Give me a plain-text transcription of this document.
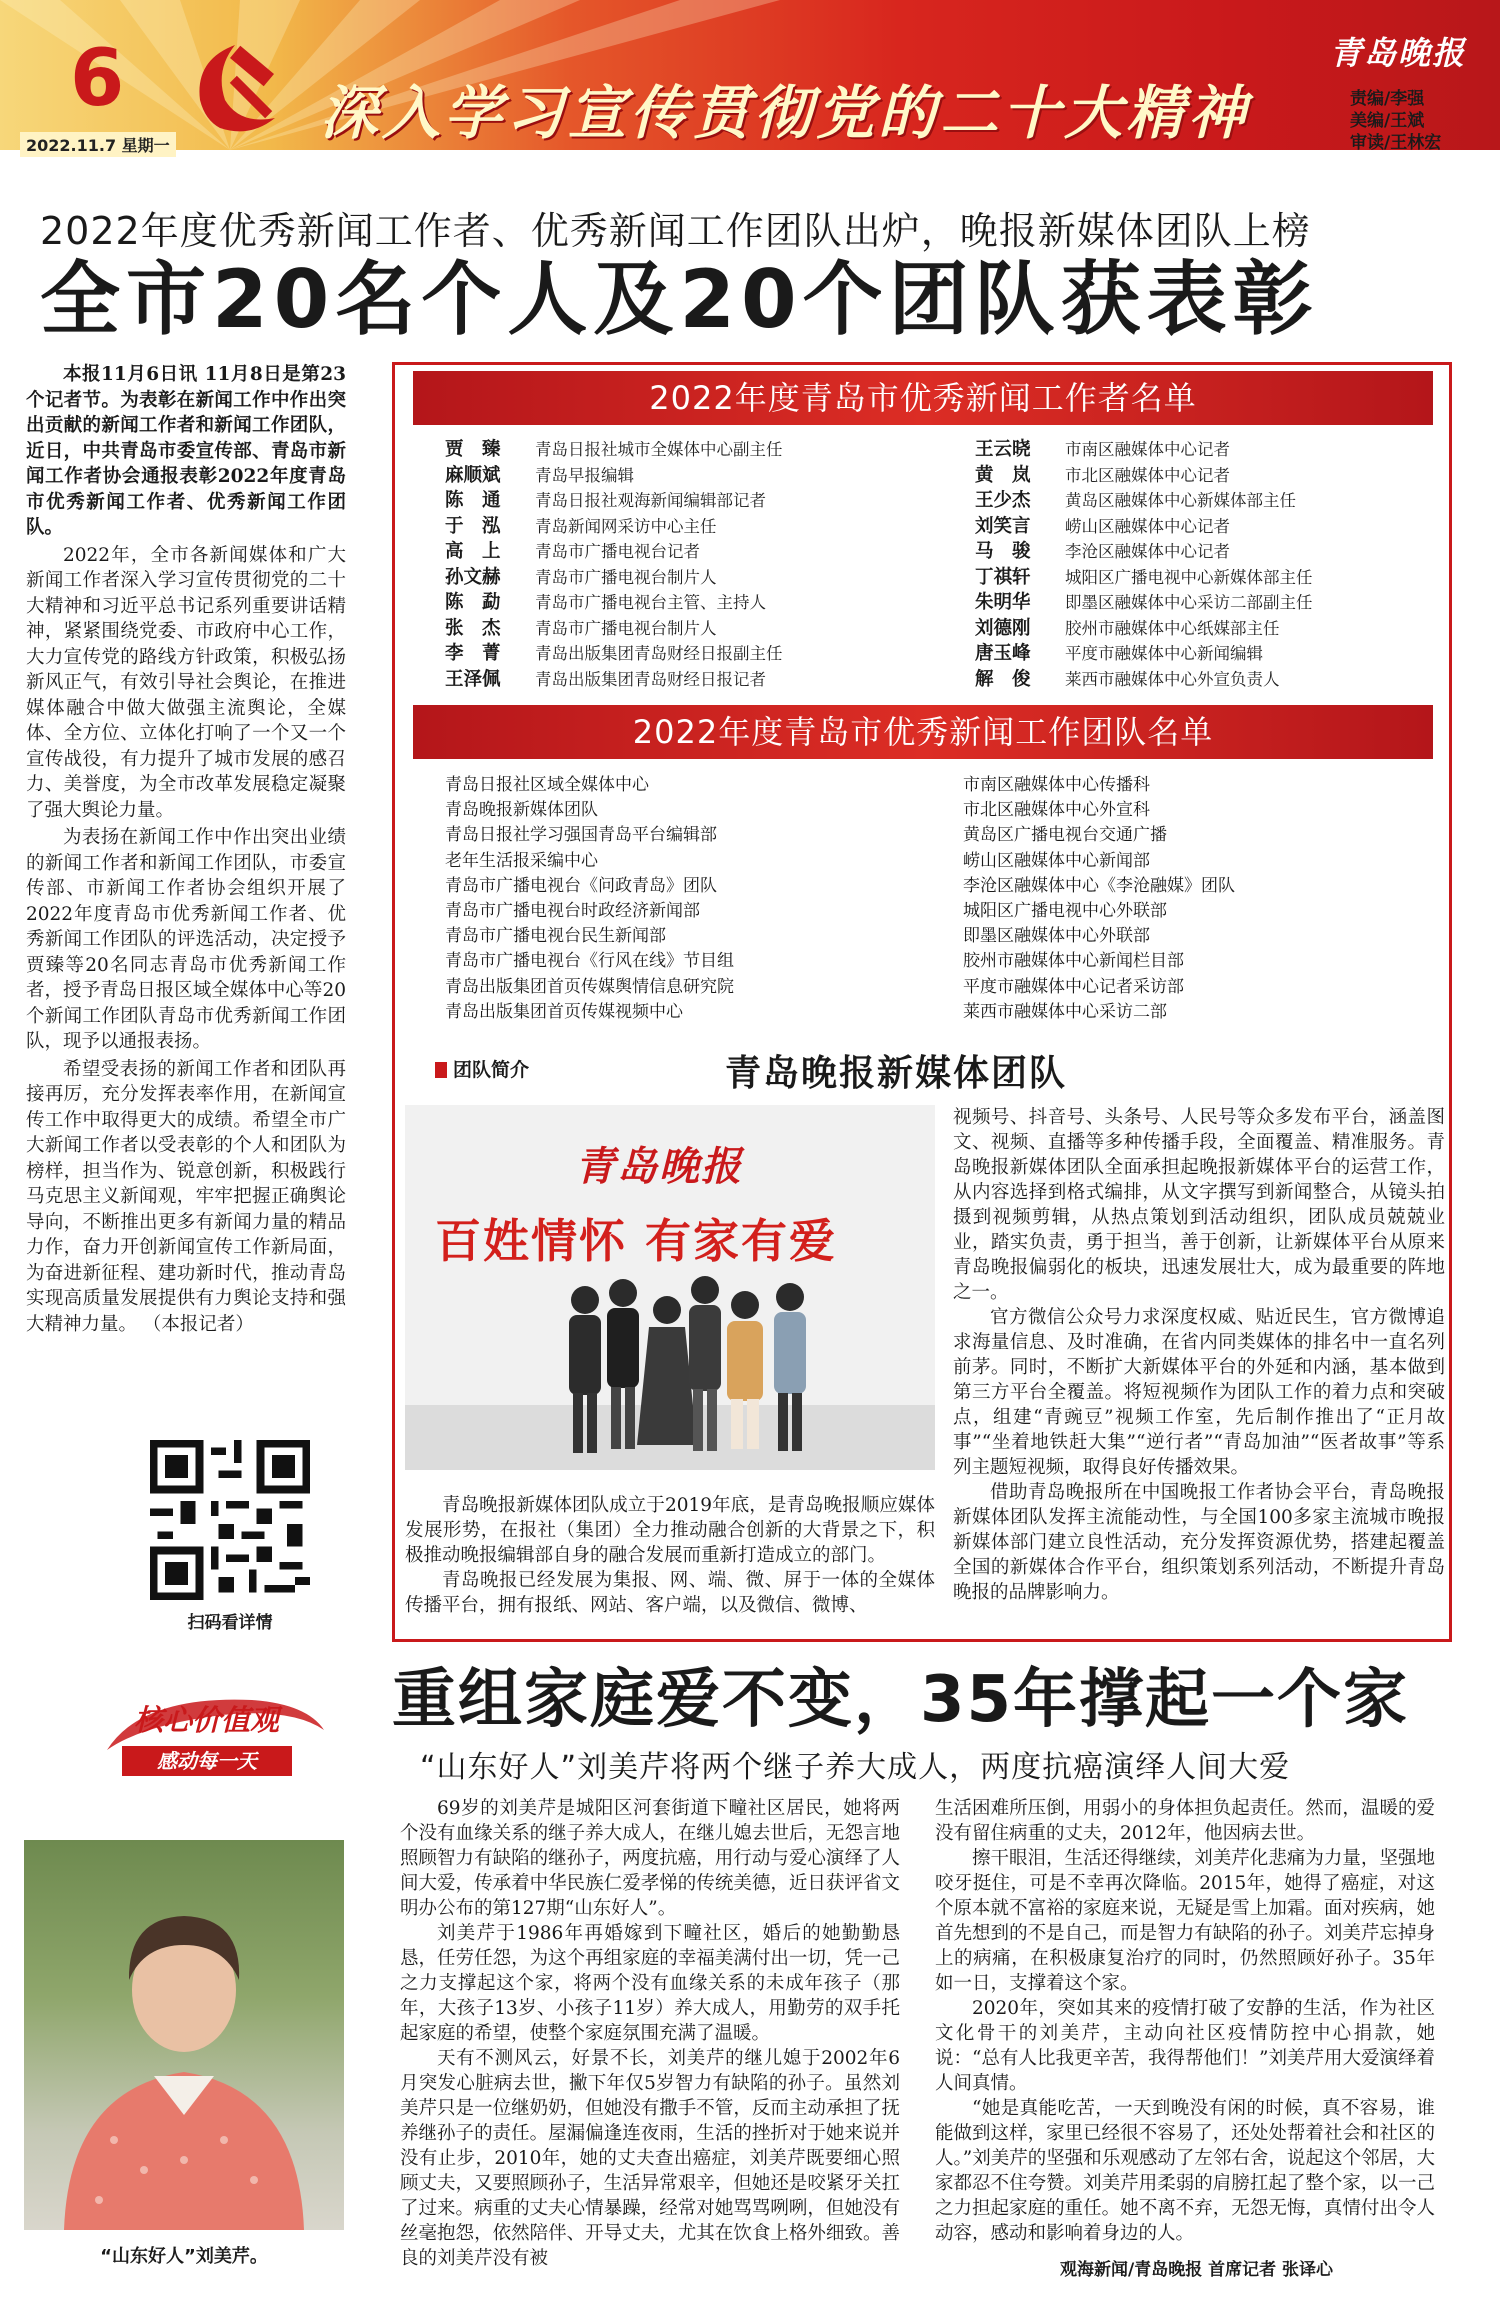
6	深入学习宣传贯彻党的二十大精神
青岛晚报
责编/李强
美编/王斌
审读/王林宏
2022.11.7 星期一
2022年度优秀新闻工作者、优秀新闻工作团队出炉，晚报新媒体团队上榜
全市20名个人及20个团队获表彰

本报11月6日讯 11月8日是第23个记者节。为表彰在新闻工作中作出突出贡献的新闻工作者和新闻工作团队，近日，中共青岛市委宣传部、青岛市新闻工作者协会通报表彰2022年度青岛市优秀新闻工作者、优秀新闻工作团队。

2022年，全市各新闻媒体和广大新闻工作者深入学习宣传贯彻党的二十大精神和习近平总书记系列重要讲话精神，紧紧围绕党委、市政府中心工作，大力宣传党的路线方针政策，积极弘扬新风正气，有效引导社会舆论，在推进媒体融合中做大做强主流舆论，全媒体、全方位、立体化打响了一个又一个宣传战役，有力提升了城市发展的感召力、美誉度，为全市改革发展稳定凝聚了强大舆论力量。

为表扬在新闻工作中作出突出业绩的新闻工作者和新闻工作团队，市委宣传部、市新闻工作者协会组织开展了2022年度青岛市优秀新闻工作者、优秀新闻工作团队的评选活动，决定授予贾臻等20名同志青岛市优秀新闻工作者，授予青岛日报区域全媒体中心等20个新闻工作团队青岛市优秀新闻工作团队，现予以通报表扬。

希望受表扬的新闻工作者和团队再接再厉，充分发挥表率作用，在新闻宣传工作中取得更大的成绩。希望全市广大新闻工作者以受表彰的个人和团队为榜样，担当作为、锐意创新，积极践行马克思主义新闻观，牢牢把握正确舆论导向，不断推出更多有新闻力量的精品力作，奋力开创新闻宣传工作新局面，为奋进新征程、建功新时代，推动青岛实现高质量发展提供有力舆论支持和强大精神力量。 （本报记者）

扫码看详情
2022年度青岛市优秀新闻工作者名单
贾　臻 青岛日报社城市全媒体中心副主任
麻顺斌 青岛早报编辑
陈　通 青岛日报社观海新闻编辑部记者
于　泓 青岛新闻网采访中心主任
高　上 青岛市广播电视台记者
孙文赫 青岛市广播电视台制片人
陈　勐 青岛市广播电视台主管、主持人
张　杰 青岛市广播电视台制片人
李　菁 青岛出版集团青岛财经日报副主任
王泽佩 青岛出版集团青岛财经日报记者
王云晓 市南区融媒体中心记者
黄　岚 市北区融媒体中心记者
王少杰 黄岛区融媒体中心新媒体部主任
刘笑言 崂山区融媒体中心记者
马　骏 李沧区融媒体中心记者
丁祺轩 城阳区广播电视中心新媒体部主任
朱明华 即墨区融媒体中心采访二部副主任
刘德刚 胶州市融媒体中心纸媒部主任
唐玉峰 平度市融媒体中心新闻编辑
解　俊 莱西市融媒体中心外宣负责人
2022年度青岛市优秀新闻工作团队名单
青岛日报社区域全媒体中心
青岛晚报新媒体团队
青岛日报社学习强国青岛平台编辑部
老年生活报采编中心
青岛市广播电视台《问政青岛》团队
青岛市广播电视台时政经济新闻部
青岛市广播电视台民生新闻部
青岛市广播电视台《行风在线》节目组
青岛出版集团首页传媒舆情信息研究院
青岛出版集团首页传媒视频中心
市南区融媒体中心传播科
市北区融媒体中心外宣科
黄岛区广播电视台交通广播
崂山区融媒体中心新闻部
李沧区融媒体中心《李沧融媒》团队
城阳区广播电视中心外联部
即墨区融媒体中心外联部
胶州市融媒体中心新闻栏目部
平度市融媒体中心记者采访部
莱西市融媒体中心采访二部
团队简介	青岛晚报新媒体团队
青岛晚报
百姓情怀 有家有爱

青岛晚报新媒体团队成立于2019年底，是青岛晚报顺应媒体发展形势，在报社（集团）全力推动融合创新的大背景之下，积极推动晚报编辑部自身的融合发展而重新打造成立的部门。

青岛晚报已经发展为集报、网、端、微、屏于一体的全媒体传播平台，拥有报纸、网站、客户端，以及微信、微博、

视频号、抖音号、头条号、人民号等众多发布平台，涵盖图文、视频、直播等多种传播手段，全面覆盖、精准服务。青岛晚报新媒体团队全面承担起晚报新媒体平台的运营工作，从内容选择到格式编排，从文字撰写到新闻整合，从镜头拍摄到视频剪辑，从热点策划到活动组织，团队成员兢兢业业，踏实负责，勇于担当，善于创新，让新媒体平台从原来青岛晚报偏弱化的板块，迅速发展壮大，成为最重要的阵地之一。

官方微信公众号力求深度权威、贴近民生，官方微博追求海量信息、及时准确，在省内同类媒体的排名中一直名列前茅。同时，不断扩大新媒体平台的外延和内涵，基本做到第三方平台全覆盖。将短视频作为团队工作的着力点和突破点，组建“青豌豆”视频工作室，先后制作推出了“正月故事”“坐着地铁赶大集”“逆行者”“青岛加油”“医者故事”等系列主题短视频，取得良好传播效果。

借助青岛晚报所在中国晚报工作者协会平台，青岛晚报新媒体团队发挥主流能动性，与全国100多家主流城市晚报新媒体部门建立良性活动，充分发挥资源优势，搭建起覆盖全国的新媒体合作平台，组织策划系列活动，不断提升青岛晚报的品牌影响力。

核心价值观
感动每一天
“山东好人”刘美芹。
重组家庭爱不变，35年撑起一个家
“山东好人”刘美芹将两个继子养大成人，两度抗癌演绎人间大爱

69岁的刘美芹是城阳区河套街道下疃社区居民，她将两个没有血缘关系的继子养大成人，在继儿媳去世后，无怨言地照顾智力有缺陷的继孙子，两度抗癌，用行动与爱心演绎了人间大爱，传承着中华民族仁爱孝悌的传统美德，近日获评省文明办公布的第127期“山东好人”。

刘美芹于1986年再婚嫁到下疃社区，婚后的她勤勤恳恳，任劳任怨，为这个再组家庭的幸福美满付出一切，凭一己之力支撑起这个家，将两个没有血缘关系的未成年孩子（那年，大孩子13岁、小孩子11岁）养大成人，用勤劳的双手托起家庭的希望，使整个家庭氛围充满了温暖。

天有不测风云，好景不长，刘美芹的继儿媳于2002年6月突发心脏病去世，撇下年仅5岁智力有缺陷的孙子。虽然刘美芹只是一位继奶奶，但她没有撒手不管，反而主动承担了抚养继孙子的责任。屋漏偏逢连夜雨，生活的挫折对于她来说并没有止步，2010年，她的丈夫查出癌症，刘美芹既要细心照顾丈夫，又要照顾孙子，生活异常艰辛，但她还是咬紧牙关扛了过来。病重的丈夫心情暴躁，经常对她骂骂咧咧，但她没有丝毫抱怨，依然陪伴、开导丈夫，尤其在饮食上格外细致。善良的刘美芹没有被

生活困难所压倒，用弱小的身体担负起责任。然而，温暖的爱没有留住病重的丈夫，2012年，他因病去世。

擦干眼泪，生活还得继续，刘美芹化悲痛为力量，坚强地咬牙挺住，可是不幸再次降临。2015年，她得了癌症，对这个原本就不富裕的家庭来说，无疑是雪上加霜。面对疾病，她首先想到的不是自己，而是智力有缺陷的孙子。刘美芹忘掉身上的病痛，在积极康复治疗的同时，仍然照顾好孙子。35年如一日，支撑着这个家。

2020年，突如其来的疫情打破了安静的生活，作为社区文化骨干的刘美芹，主动向社区疫情防控中心捐款，她说：“总有人比我更辛苦，我得帮他们！”刘美芹用大爱演绎着人间真情。

“她是真能吃苦，一天到晚没有闲的时候，真不容易，谁能做到这样，家里已经很不容易了，还处处帮着社会和社区的人。”刘美芹的坚强和乐观感动了左邻右舍，说起这个邻居，大家都忍不住夸赞。刘美芹用柔弱的肩膀扛起了整个家，以一己之力担起家庭的重任。她不离不弃，无怨无悔，真情付出令人动容，感动和影响着身边的人。

观海新闻/青岛晚报 首席记者 张译心
